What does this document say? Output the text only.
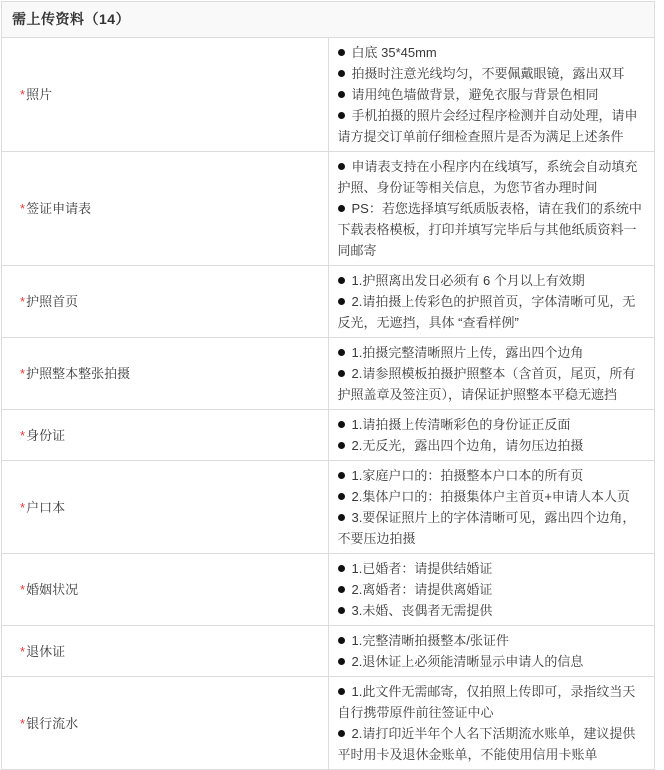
需上传资料（14）	
*照片	白底 35*45mm
拍摄时注意光线均匀，不要佩戴眼镜，露出双耳
请用纯色墙做背景，避免衣服与背景色相同
手机拍摄的照片会经过程序检测并自动处理，请申请方提交订单前仔细检查照片是否为满足上述条件

*签证申请表	申请表支持在小程序内在线填写，系统会自动填充护照、身份证等相关信息，为您节省办理时间
PS：若您选择填写纸质版表格，请在我们的系统中下载表格模板，打印并填写完毕后与其他纸质资料一同邮寄

*护照首页	1.护照离出发日必须有 6 个月以上有效期
2.请拍摄上传彩色的护照首页，字体清晰可见，无反光，无遮挡，具体 “查看样例”

*护照整本整张拍摄	1.拍摄完整清晰照片上传，露出四个边角
2.请参照模板拍摄护照整本（含首页，尾页，所有护照盖章及签注页），请保证护照整本平稳无遮挡

*身份证	1.请拍摄上传清晰彩色的身份证正反面
2.无反光，露出四个边角，请勿压边拍摄

*户口本	1.家庭户口的：拍摄整本户口本的所有页
2.集体户口的：拍摄集体户主首页+申请人本人页
3.要保证照片上的字体清晰可见，露出四个边角，不要压边拍摄

*婚姻状况	1.已婚者：请提供结婚证
2.离婚者：请提供离婚证
3.未婚、丧偶者无需提供

*退休证	1.完整清晰拍摄整本/张证件
2.退休证上必须能清晰显示申请人的信息

*银行流水	1.此文件无需邮寄，仅拍照上传即可，录指纹当天自行携带原件前往签证中心
2.请打印近半年个人名下活期流水账单，建议提供平时用卡及退休金账单，不能使用信用卡账单
